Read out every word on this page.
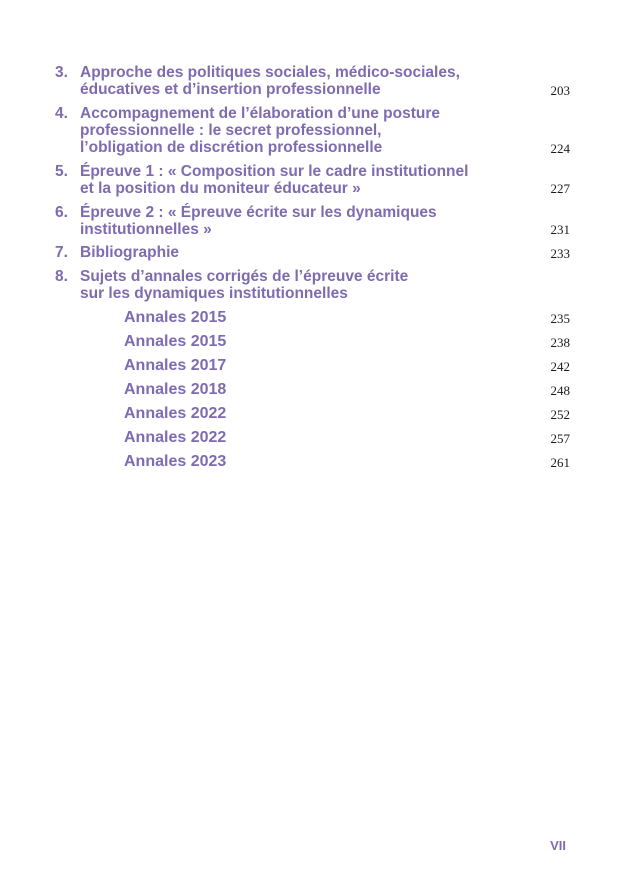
3. Approche des politiques sociales, médico-sociales,
éducatives et d’insertion professionnelle	203
4. Accompagnement de l’élaboration d’une posture
professionnelle : le secret professionnel,
l’obligation de discrétion professionnelle	224
5. Épreuve 1 : « Composition sur le cadre institutionnel
et la position du moniteur éducateur »	227
6. Épreuve 2 : « Épreuve écrite sur les dynamiques
institutionnelles »	231
7. Bibliographie	233
8. Sujets d’annales corrigés de l’épreuve écrite
sur les dynamiques institutionnelles
Annales 2015	235
Annales 2015	238
Annales 2017	242
Annales 2018	248
Annales 2022	252
Annales 2022	257
Annales 2023	261
VII
